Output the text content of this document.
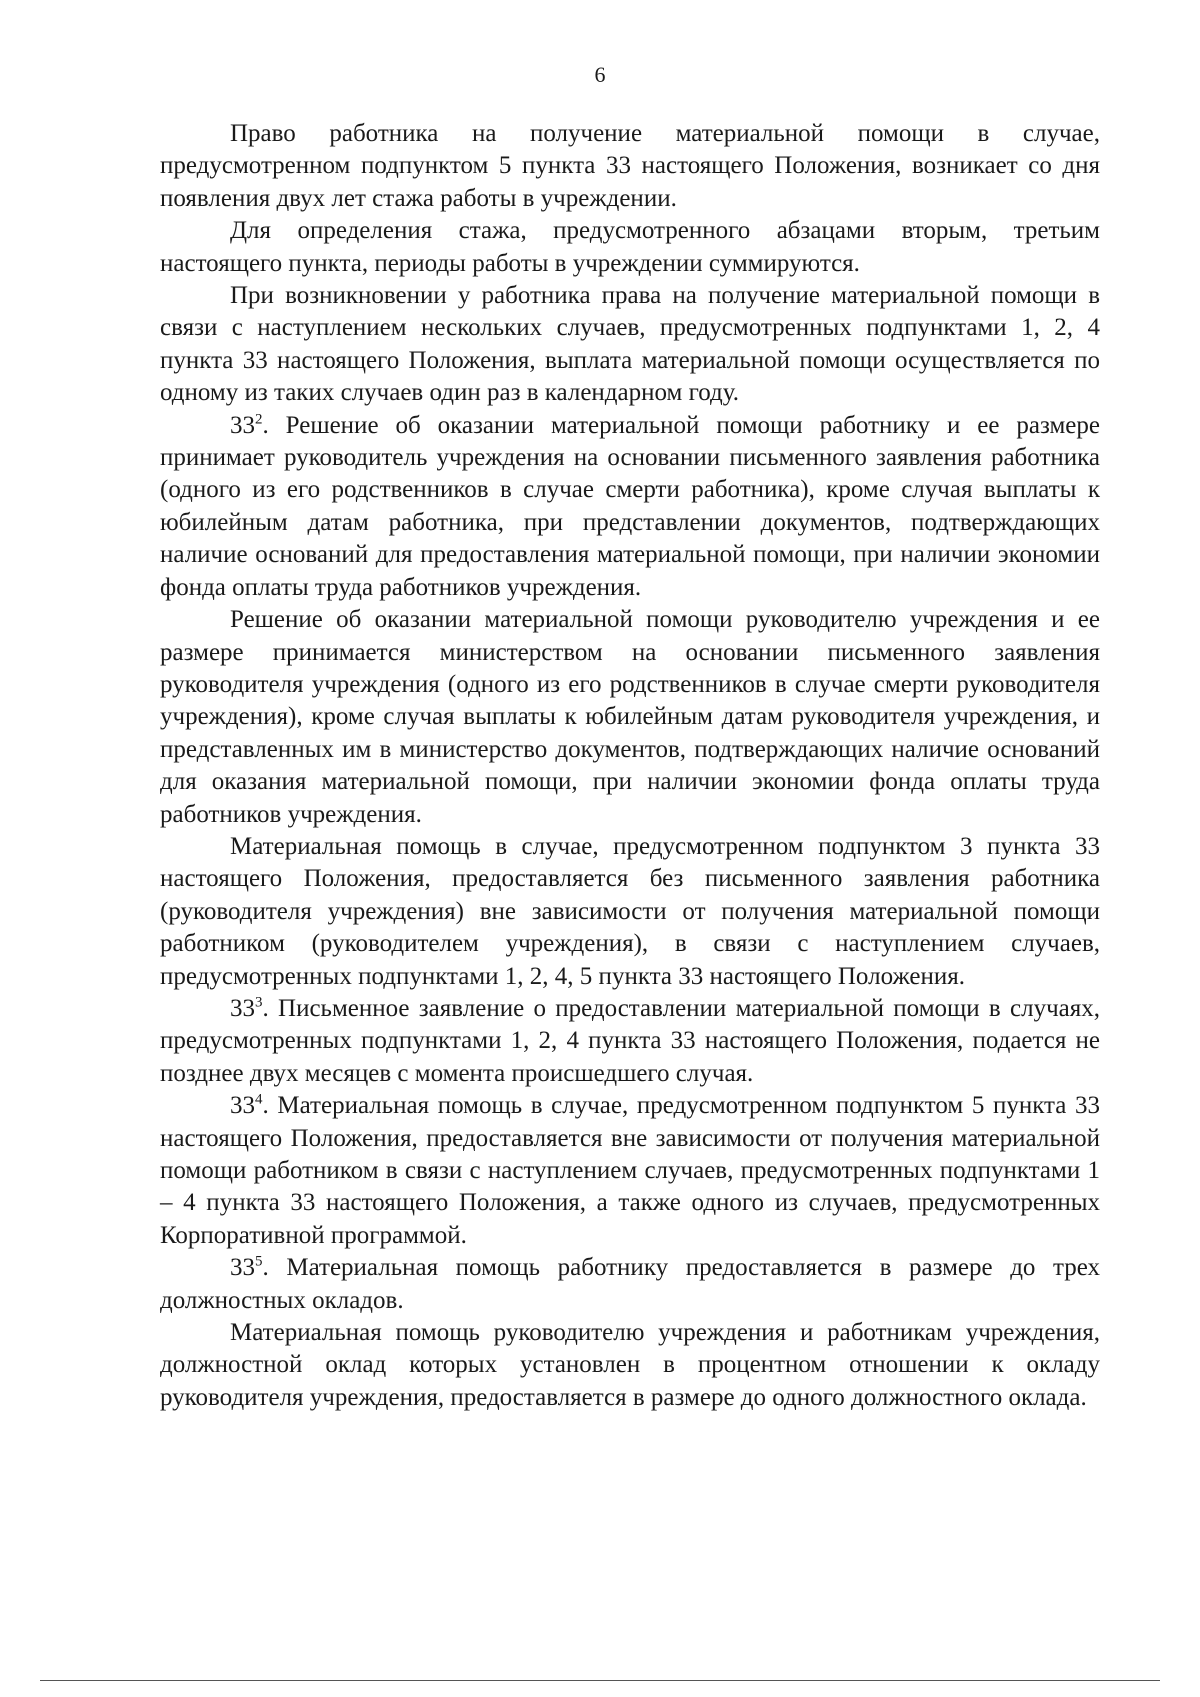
6

Право работника на получение материальной помощи в случае, предусмотренном подпунктом 5 пункта 33 настоящего Положения, возникает со дня появления двух лет стажа работы в учреждении.

Для определения стажа, предусмотренного абзацами вторым, третьим настоящего пункта, периоды работы в учреждении суммируются.

При возникновении у работника права на получение материальной помощи в связи с наступлением нескольких случаев, предусмотренных подпунктами 1, 2, 4 пункта 33 настоящего Положения, выплата материальной помощи осуществляется по одному из таких случаев один раз в календарном году.

$33^2$. Решение об оказании материальной помощи работнику и ее размере принимает руководитель учреждения на основании письменного заявления работника (одного из его родственников в случае смерти работника), кроме случая выплаты к юбилейным датам работника, при представлении документов, подтверждающих наличие оснований для предоставления материальной помощи, при наличии экономии фонда оплаты труда работников учреждения.

Решение об оказании материальной помощи руководителю учреждения и ее размере принимается министерством на основании письменного заявления руководителя учреждения (одного из его родственников в случае смерти руководителя учреждения), кроме случая выплаты к юбилейным датам руководителя учреждения, и представленных им в министерство документов, подтверждающих наличие оснований для оказания материальной помощи, при наличии экономии фонда оплаты труда работников учреждения.

Материальная помощь в случае, предусмотренном подпунктом 3 пункта 33 настоящего Положения, предоставляется без письменного заявления работника (руководителя учреждения) вне зависимости от получения материальной помощи работником (руководителем учреждения), в связи с наступлением случаев, предусмотренных подпунктами 1, 2, 4, 5 пункта 33 настоящего Положения.

$33^3$. Письменное заявление о предоставлении материальной помощи в случаях, предусмотренных подпунктами 1, 2, 4 пункта 33 настоящего Положения, подается не позднее двух месяцев с момента происшедшего случая.

$33^4$. Материальная помощь в случае, предусмотренном подпунктом 5 пункта 33 настоящего Положения, предоставляется вне зависимости от получения материальной помощи работником в связи с наступлением случаев, предусмотренных подпунктами 1 – 4 пункта 33 настоящего Положения, а также одного из случаев, предусмотренных Корпоративной программой.

$33^5$. Материальная помощь работнику предоставляется в размере до трех должностных окладов.

Материальная помощь руководителю учреждения и работникам учреждения, должностной оклад которых установлен в процентном отношении к окладу руководителя учреждения, предоставляется в размере до одного должностного оклада.
